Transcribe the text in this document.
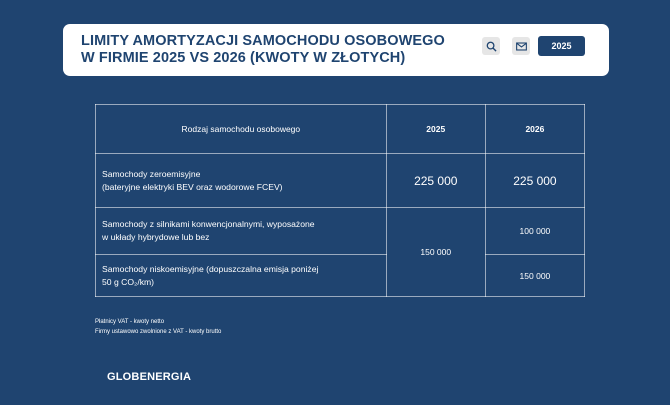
LIMITY AMORTYZACJI SAMOCHODU OSOBOWEGO
W FIRMIE 2025 VS 2026 (KWOTY W ZŁOTYCH)
2025
Rodzaj samochodu osobowego	2025	2026

Samochody zeroemisyjne
(bateryjne elektryki BEV oraz wodorowe FCEV)	225 000	225 000

Samochody z silnikami konwencjonalnymi, wyposażone
w układy hybrydowe lub bez	150 000	100 000

Samochody niskoemisyjne (dopuszczalna emisja poniżej
50 g CO₂/km)		150 000
Płatnicy VAT - kwoty netto
Firmy ustawowo zwolnione z VAT - kwoty brutto
GLOBENERGIA
